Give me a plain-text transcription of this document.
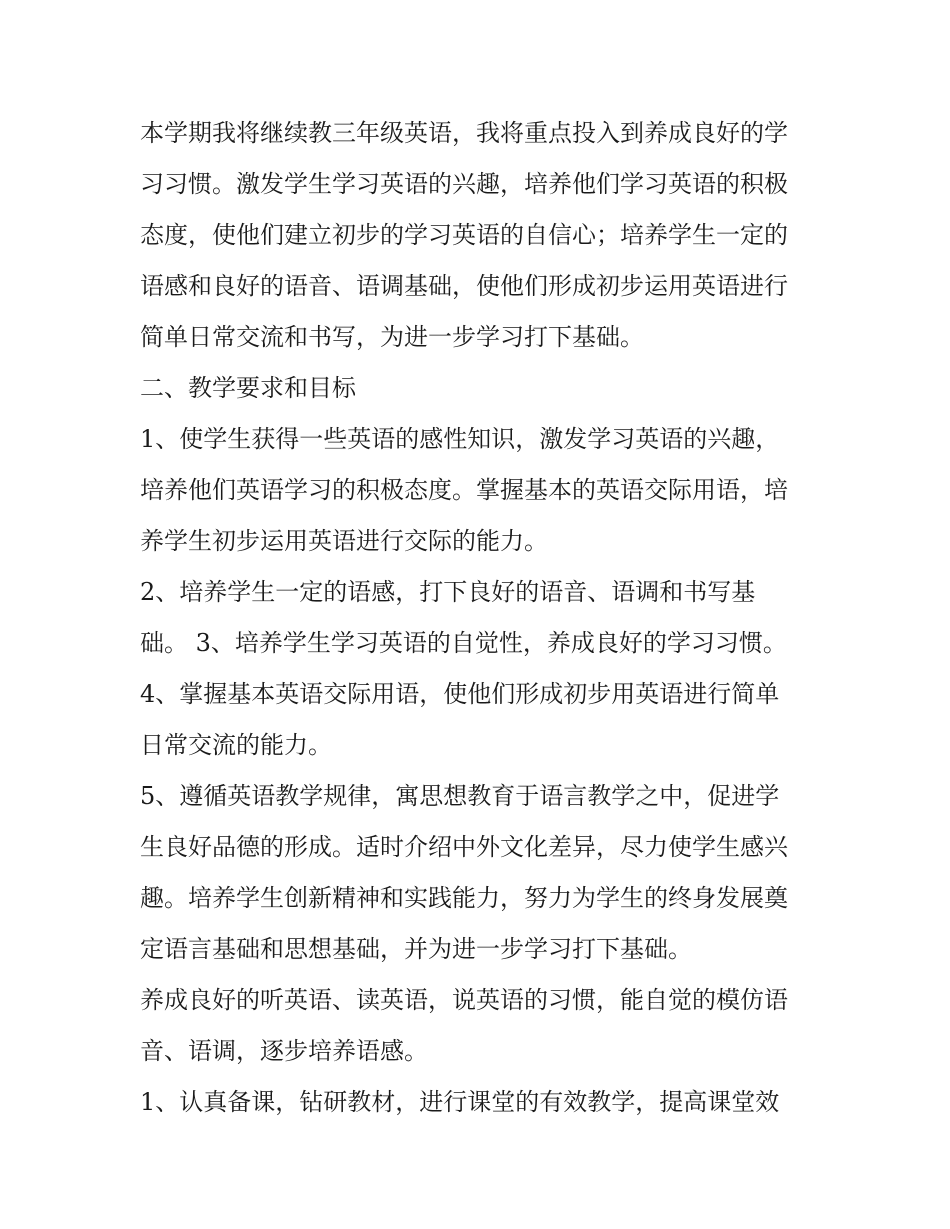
本学期我将继续教三年级英语，我将重点投入到养成良好的学
习习惯。激发学生学习英语的兴趣，培养他们学习英语的积极
态度，使他们建立初步的学习英语的自信心；培养学生一定的
语感和良好的语音、语调基础，使他们形成初步运用英语进行
简单日常交流和书写，为进一步学习打下基础。

二、教学要求和目标

1、使学生获得一些英语的感性知识，激发学习英语的兴趣，
培养他们英语学习的积极态度。掌握基本的英语交际用语，培
养学生初步运用英语进行交际的能力。

2、培养学生一定的语感，打下良好的语音、语调和书写基
础。 3、培养学生学习英语的自觉性，养成良好的学习习惯。

4、掌握基本英语交际用语，使他们形成初步用英语进行简单
日常交流的能力。

5、遵循英语教学规律，寓思想教育于语言教学之中，促进学
生良好品德的形成。适时介绍中外文化差异，尽力使学生感兴
趣。培养学生创新精神和实践能力，努力为学生的终身发展奠
定语言基础和思想基础，并为进一步学习打下基础。

养成良好的听英语、读英语，说英语的习惯，能自觉的模仿语
音、语调，逐步培养语感。

1、认真备课，钻研教材，进行课堂的有效教学，提高课堂效
